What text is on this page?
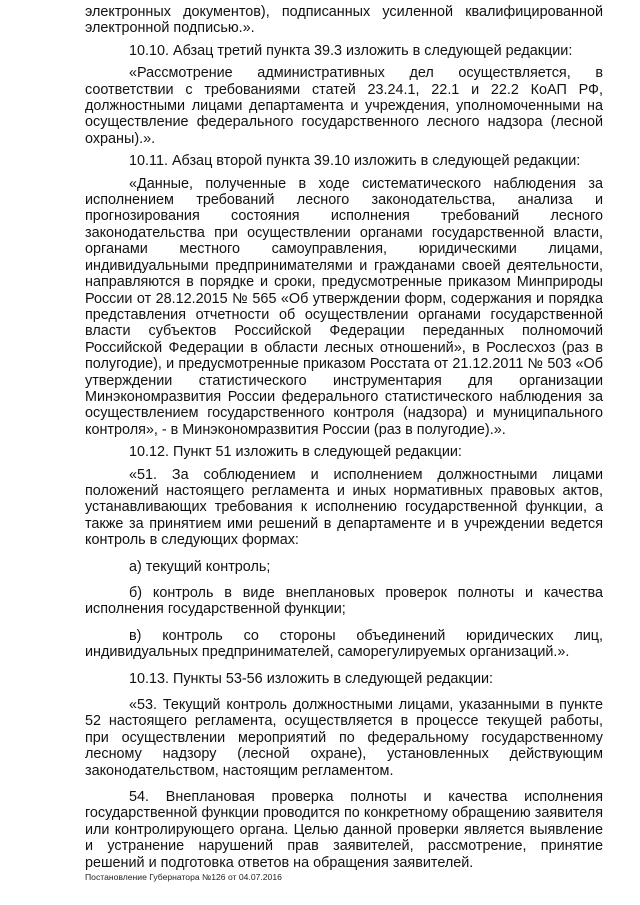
электронных документов), подписанных усиленной квалифицированной электронной подписью.».

10.10. Абзац третий пункта 39.3 изложить в следующей редакции:

«Рассмотрение административных дел осуществляется, в соответствии с требованиями статей 23.24.1, 22.1 и 22.2 КоАП РФ, должностными лицами департамента и учреждения, уполномоченными на осуществление федерального государственного лесного надзора (лесной охраны).».

10.11. Абзац второй пункта 39.10 изложить в следующей редакции:

«Данные, полученные в ходе систематического наблюдения за исполнением требований лесного законодательства, анализа и прогнозирования состояния исполнения требований лесного законодательства при осуществлении органами государственной власти, органами местного самоуправления, юридическими лицами, индивидуальными предпринимателями и гражданами своей деятельности, направляются в порядке и сроки, предусмотренные приказом Минприроды России от 28.12.2015 № 565 «Об утверждении форм, содержания и порядка представления отчетности об осуществлении органами государственной власти субъектов Российской Федерации переданных полномочий Российской Федерации в области лесных отношений», в Рослесхоз (раз в полугодие), и предусмотренные приказом Росстата от 21.12.2011 № 503 «Об утверждении статистического инструментария для организации Минэкономразвития России федерального статистического наблюдения за осуществлением государственного контроля (надзора) и муниципального контроля», - в Минэкономразвития России (раз в полугодие).».

10.12. Пункт 51 изложить в следующей редакции:

«51. За соблюдением и исполнением должностными лицами положений настоящего регламента и иных нормативных правовых актов, устанавливающих требования к исполнению государственной функции, а также за принятием ими решений в департаменте и в учреждении ведется контроль в следующих формах:

а) текущий контроль;

б) контроль в виде внеплановых проверок полноты и качества исполнения государственной функции;

в) контроль со стороны объединений юридических лиц, индивидуальных предпринимателей, саморегулируемых организаций.».

10.13. Пункты 53-56 изложить в следующей редакции:

«53. Текущий контроль должностными лицами, указанными в пункте 52 настоящего регламента, осуществляется в процессе текущей работы, при осуществлении мероприятий по федеральному государственному лесному надзору (лесной охране), установленных действующим законодательством, настоящим регламентом.

54. Внеплановая проверка полноты и качества исполнения государственной функции проводится по конкретному обращению заявителя или контролирующего органа. Целью данной проверки является выявление и устранение нарушений прав заявителей, рассмотрение, принятие решений и подготовка ответов на обращения заявителей.

Постановление Губернатора №126 от 04.07.2016
